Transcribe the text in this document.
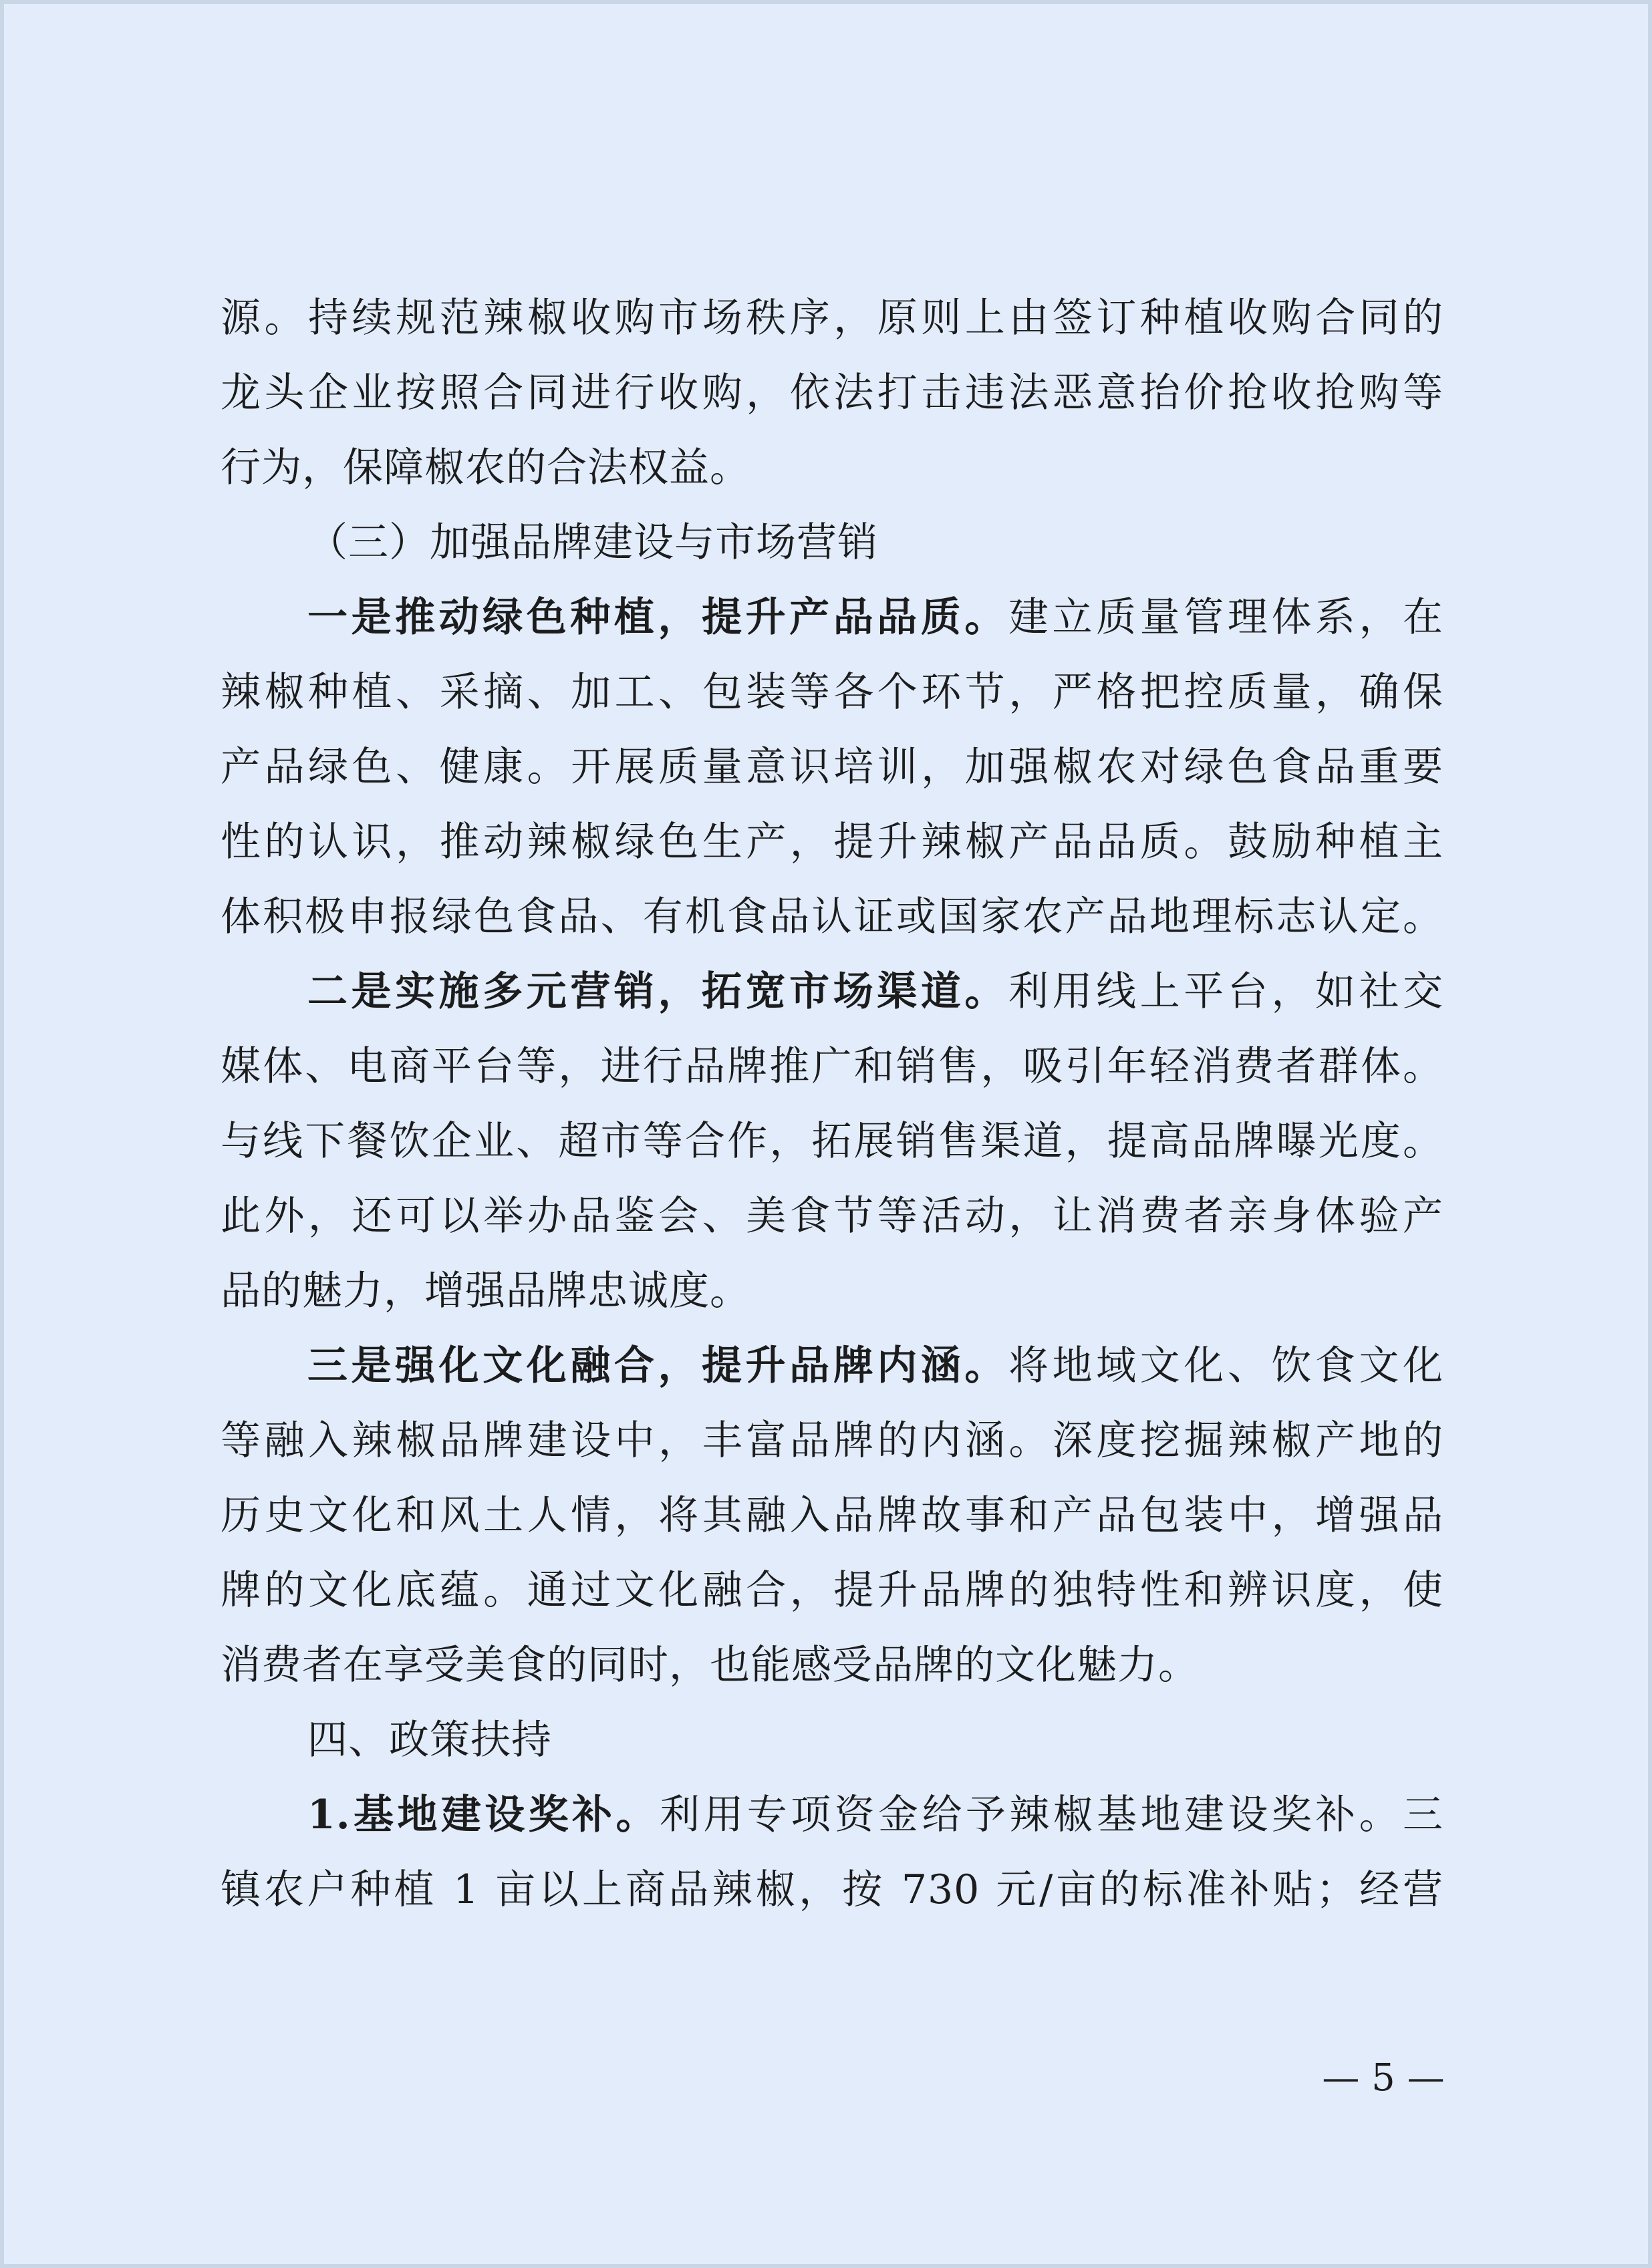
源。持续规范辣椒收购市场秩序，原则上由签订种植收购合同的
龙头企业按照合同进行收购，依法打击违法恶意抬价抢收抢购等
行为，保障椒农的合法权益。
（三）加强品牌建设与市场营销
一是推动绿色种植，提升产品品质。建立质量管理体系，在
辣椒种植、采摘、加工、包装等各个环节，严格把控质量，确保
产品绿色、健康。开展质量意识培训，加强椒农对绿色食品重要
性的认识，推动辣椒绿色生产，提升辣椒产品品质。鼓励种植主
体积极申报绿色食品、有机食品认证或国家农产品地理标志认定。
二是实施多元营销，拓宽市场渠道。利用线上平台，如社交
媒体、电商平台等，进行品牌推广和销售，吸引年轻消费者群体。
与线下餐饮企业、超市等合作，拓展销售渠道，提高品牌曝光度。
此外，还可以举办品鉴会、美食节等活动，让消费者亲身体验产
品的魅力，增强品牌忠诚度。
三是强化文化融合，提升品牌内涵。将地域文化、饮食文化
等融入辣椒品牌建设中，丰富品牌的内涵。深度挖掘辣椒产地的
历史文化和风土人情，将其融入品牌故事和产品包装中，增强品
牌的文化底蕴。通过文化融合，提升品牌的独特性和辨识度，使
消费者在享受美食的同时，也能感受品牌的文化魅力。
四、政策扶持
1.基地建设奖补。利用专项资金给予辣椒基地建设奖补。三
镇农户种植 1 亩以上商品辣椒，按 730 元/亩的标准补贴；经营
— 5 —
